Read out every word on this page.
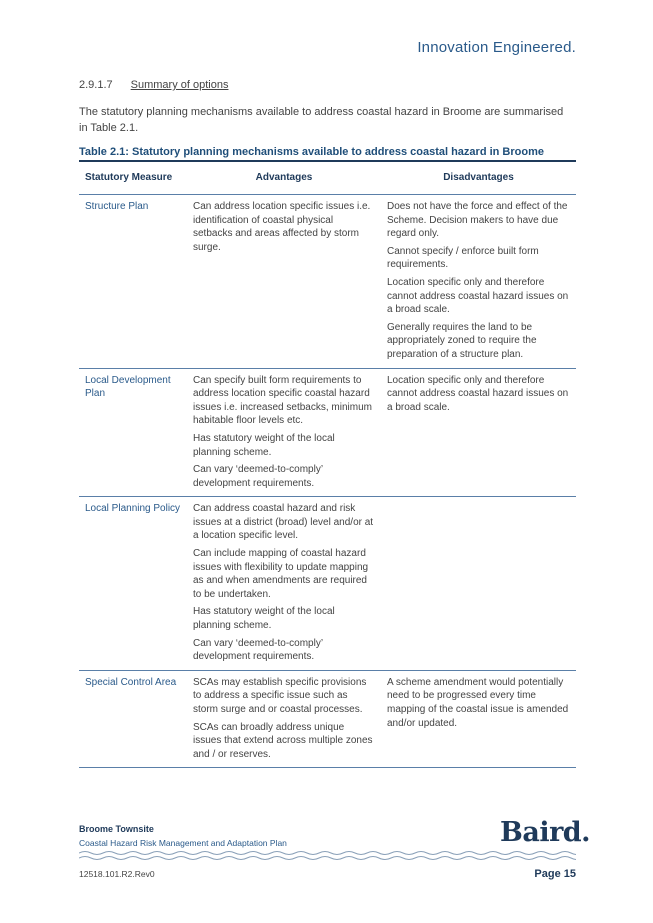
Innovation Engineered.
2.9.1.7 Summary of options
The statutory planning mechanisms available to address coastal hazard in Broome are summarised in Table 2.1.
Table 2.1: Statutory planning mechanisms available to address coastal hazard in Broome
Statutory Measure	Advantages	Disadvantages
Structure Plan	Can address location specific issues i.e. identification of coastal physical setbacks and areas affected by storm surge.	Does not have the force and effect of the Scheme. Decision makers to have due regard only.

Cannot specify / enforce built form requirements.

Location specific only and therefore cannot address coastal hazard issues on a broad scale.

Generally requires the land to be appropriately zoned to require the preparation of a structure plan.

Local Development Plan	Can specify built form requirements to address location specific coastal hazard issues i.e. increased setbacks, minimum habitable floor levels etc.

Has statutory weight of the local planning scheme.

Can vary ‘deemed-to-comply’ development requirements.	Location specific only and therefore cannot address coastal hazard issues on a broad scale.

Local Planning Policy	Can address coastal hazard and risk issues at a district (broad) level and/or at a location specific level.

Can include mapping of coastal hazard issues with flexibility to update mapping as and when amendments are required to be undertaken.

Has statutory weight of the local planning scheme.

Can vary ‘deemed-to-comply’ development requirements.	

Special Control Area	SCAs may establish specific provisions to address a specific issue such as storm surge and or coastal processes.

SCAs can broadly address unique issues that extend across multiple zones and / or reserves.	A scheme amendment would potentially need to be progressed every time mapping of the coastal issue is amended and/or updated.

Broome Townsite
Coastal Hazard Risk Management and Adaptation Plan	Baird.
12518.101.R2.Rev0	Page 15
